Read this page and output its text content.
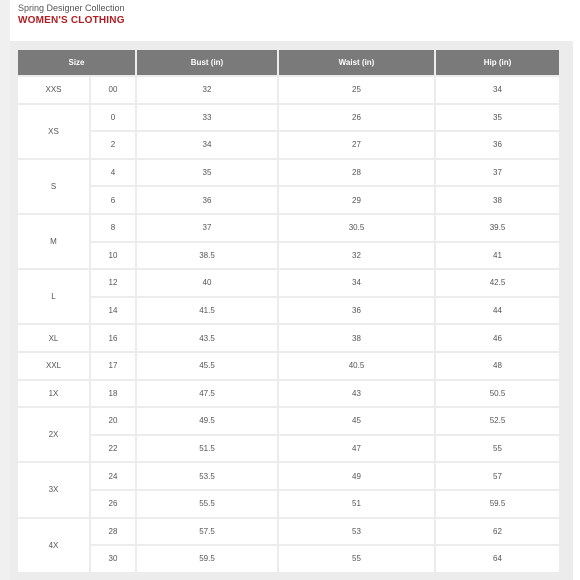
Spring Designer Collection
WOMEN'S CLOTHING
Size		Bust (in)	Waist (in)	Hip (in)
XXS	00	32	25	34
XS	0	33	26	35
	2	34	27	36
S	4	35	28	37
	6	36	29	38
M	8	37	30.5	39.5
	10	38.5	32	41
L	12	40	34	42.5
	14	41.5	36	44
XL	16	43.5	38	46
XXL	17	45.5	40.5	48
1X	18	47.5	43	50.5
2X	20	49.5	45	52.5
	22	51.5	47	55
3X	24	53.5	49	57
	26	55.5	51	59.5
4X	28	57.5	53	62
	30	59.5	55	64
